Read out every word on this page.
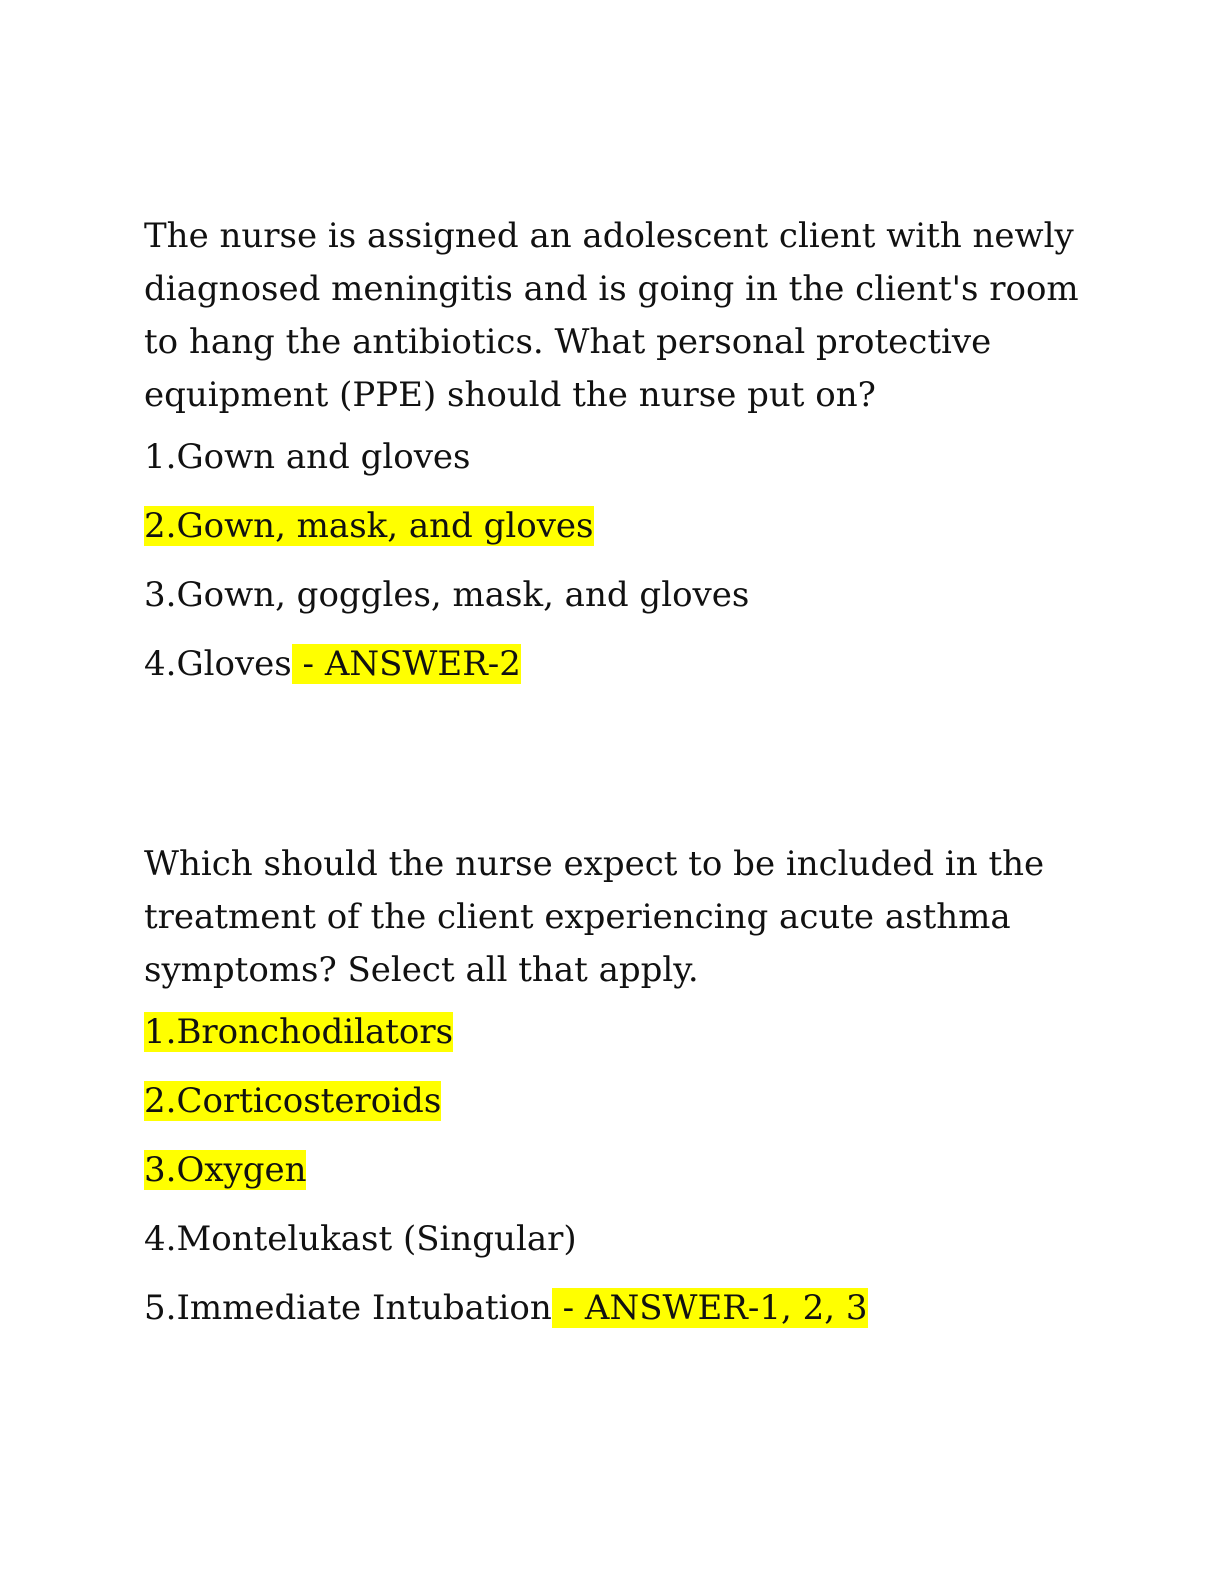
The nurse is assigned an adolescent client with newly diagnosed meningitis and is going in the client's room to hang the antibiotics. What personal protective equipment (PPE) should the nurse put on?

1.Gown and gloves
2.Gown, mask, and gloves
3.Gown, goggles, mask, and gloves
4.Gloves - ANSWER-2

Which should the nurse expect to be included in the treatment of the client experiencing acute asthma symptoms? Select all that apply.

1.Bronchodilators
2.Corticosteroids
3.Oxygen
4.Montelukast (Singular)
5.Immediate Intubation - ANSWER-1, 2, 3
